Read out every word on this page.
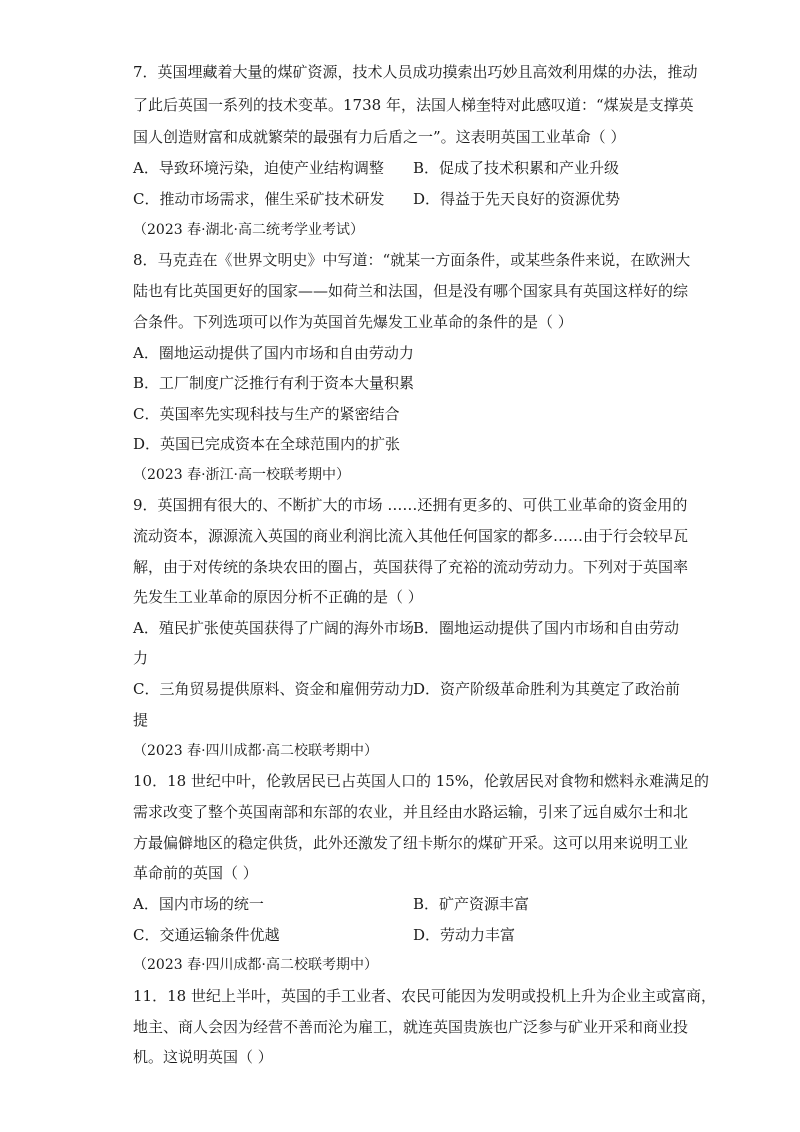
7．英国埋藏着大量的煤矿资源，技术人员成功摸索出巧妙且高效利用煤的办法，推动
了此后英国一系列的技术变革。1738 年，法国人梯奎特对此感叹道：“煤炭是支撑英
国人创造财富和成就繁荣的最强有力后盾之一”。这表明英国工业革命（ ）
A．导致环境污染，迫使产业结构调整 B．促成了技术积累和产业升级
C．推动市场需求，催生采矿技术研发 D．得益于先天良好的资源优势
（2023 春·湖北·高二统考学业考试）
8．马克垚在《世界文明史》中写道：“就某一方面条件，或某些条件来说，在欧洲大
陆也有比英国更好的国家——如荷兰和法国，但是没有哪个国家具有英国这样好的综
合条件。下列选项可以作为英国首先爆发工业革命的条件的是（ ）
A．圈地运动提供了国内市场和自由劳动力
B．工厂制度广泛推行有利于资本大量积累
C．英国率先实现科技与生产的紧密结合
D．英国已完成资本在全球范围内的扩张
（2023 春·浙江·高一校联考期中）
9．英国拥有很大的、不断扩大的市场 ……还拥有更多的、可供工业革命的资金用的
流动资本，源源流入英国的商业利润比流入其他任何国家的都多……由于行会较早瓦
解，由于对传统的条块农田的圈占，英国获得了充裕的流动劳动力。下列对于英国率
先发生工业革命的原因分析不正确的是（ ）
A．殖民扩张使英国获得了广阔的海外市场 B．圈地运动提供了国内市场和自由劳动
力
C．三角贸易提供原料、资金和雇佣劳动力
D．资产阶级革命胜利为其奠定了政治前
提
（2023 春·四川成都·高二校联考期中）
10．18 世纪中叶，伦敦居民已占英国人口的 15%，伦敦居民对食物和燃料永难满足的
需求改变了整个英国南部和东部的农业，并且经由水路运输，引来了远自威尔士和北
方最偏僻地区的稳定供货，此外还激发了纽卡斯尔的煤矿开采。这可以用来说明工业
革命前的英国（ ）
A．国内市场的统一	B．矿产资源丰富
C．交通运输条件优越	D．劳动力丰富
（2023 春·四川成都·高二校联考期中）
11．18 世纪上半叶，英国的手工业者、农民可能因为发明或投机上升为企业主或富商，
地主、商人会因为经营不善而沦为雇工，就连英国贵族也广泛参与矿业开采和商业投
机。这说明英国（ ）
